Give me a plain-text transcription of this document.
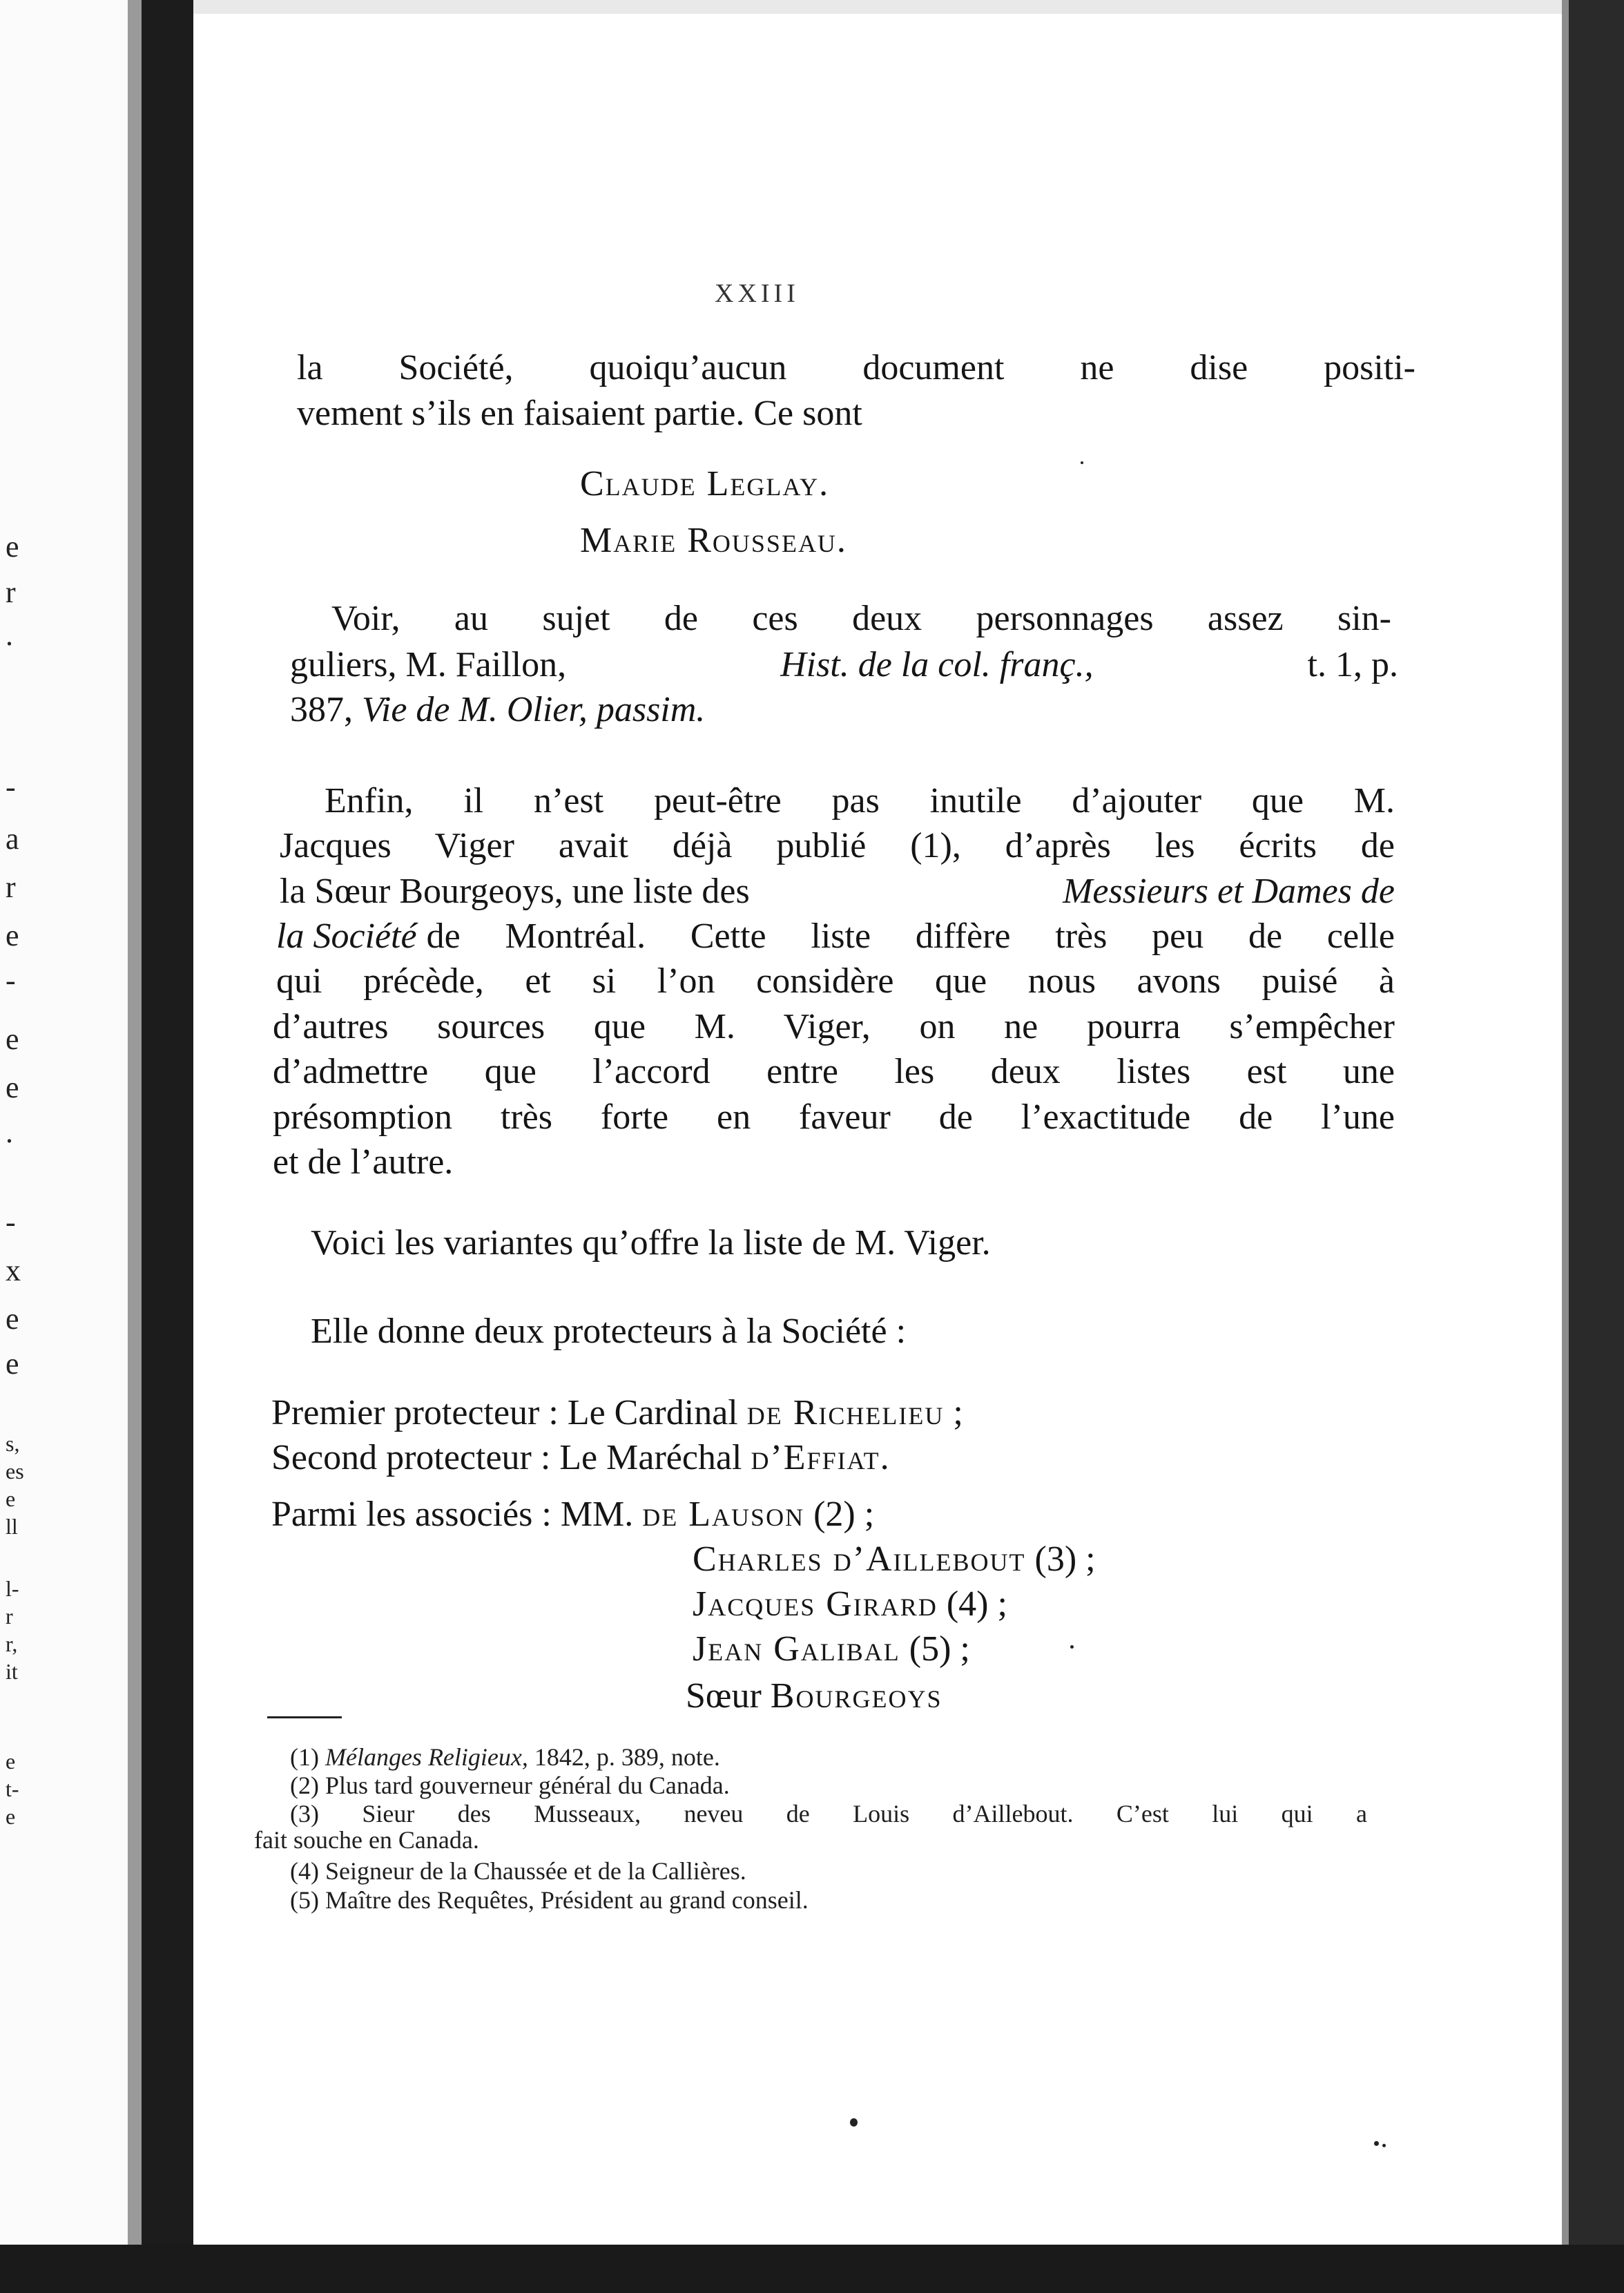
e
r
.
-
a
r
e
-
e
e
.
-
x
e
e
s,
es
e
ll
l-
r
r,
it
e
t-
e
XXIII
la Société, quoiqu’aucun document ne dise positi-
vement s’ils en faisaient partie. Ce sont
Claude Leglay.
Marie Rousseau.
Voir, au sujet de ces deux personnages assez sin-
guliers, M. Faillon,	Hist. de la col. franç.,	t. 1, p.
387, Vie de M. Olier, passim.
Enfin, il n’est peut-être pas inutile d’ajouter que M.
Jacques Viger avait déjà publié (1), d’après les écrits de
la Sœur Bourgeoys, une liste des	Messieurs et Dames de
la Société de Montréal. Cette liste diffère très peu de celle
qui précède, et si l’on considère que nous avons puisé à
d’autres sources que M. Viger, on ne pourra s’empêcher
d’admettre que l’accord entre les deux listes est une
présomption très forte en faveur de l’exactitude de l’une
et de l’autre.
Voici les variantes qu’offre la liste de M. Viger.
Elle donne deux protecteurs à la Société :
Premier protecteur : Le Cardinal de Richelieu ;
Second protecteur : Le Maréchal d’Effiat.
Parmi les associés : MM. de Lauson (2) ;
Charles d’Aillebout (3) ;
Jacques Girard (4) ;
Jean Galibal (5) ;
Sœur Bourgeoys
(1) Mélanges Religieux, 1842, p. 389, note.
(2) Plus tard gouverneur général du Canada.
(3) Sieur des Musseaux, neveu de Louis d’Aillebout. C’est lui qui a
fait souche en Canada.
(4) Seigneur de la Chaussée et de la Callières.
(5) Maître des Requêtes, Président au grand conseil.
